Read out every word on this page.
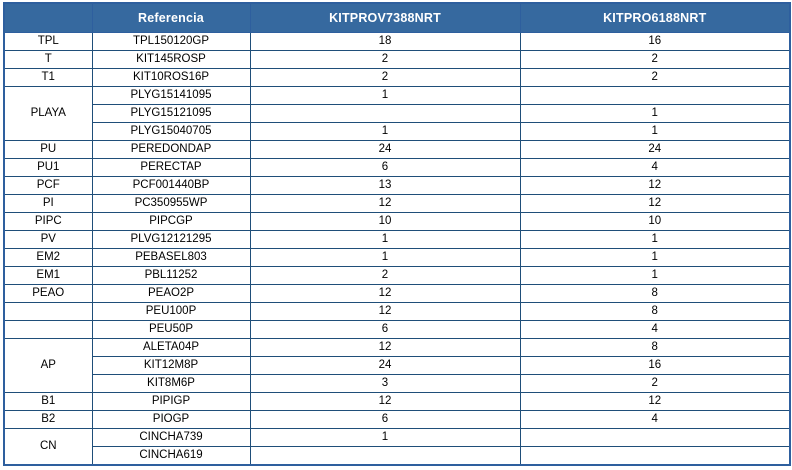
	Referencia	KITPROV7388NRT	KITPRO6188NRT
TPL	TPL150120GP	18	16
T	KIT145ROSP	2	2
T1	KIT10ROS16P	2	2
PLAYA	PLYG15141095	1	
	PLYG15121095		1
	PLYG15040705	1	1
PU	PEREDONDAP	24	24
PU1	PERECTAP	6	4
PCF	PCF001440BP	13	12
PI	PC350955WP	12	12
PIPC	PIPCGP	10	10
PV	PLVG12121295	1	1
EM2	PEBASEL803	1	1
EM1	PBL11252	2	1
PEAO	PEAO2P	12	8
	PEU100P	12	8
	PEU50P	6	4
AP	ALETA04P	12	8
	KIT12M8P	24	16
	KIT8M6P	3	2
B1	PIPIGP	12	12
B2	PIOGP	6	4
CN	CINCHA739	1	
	CINCHA619		
